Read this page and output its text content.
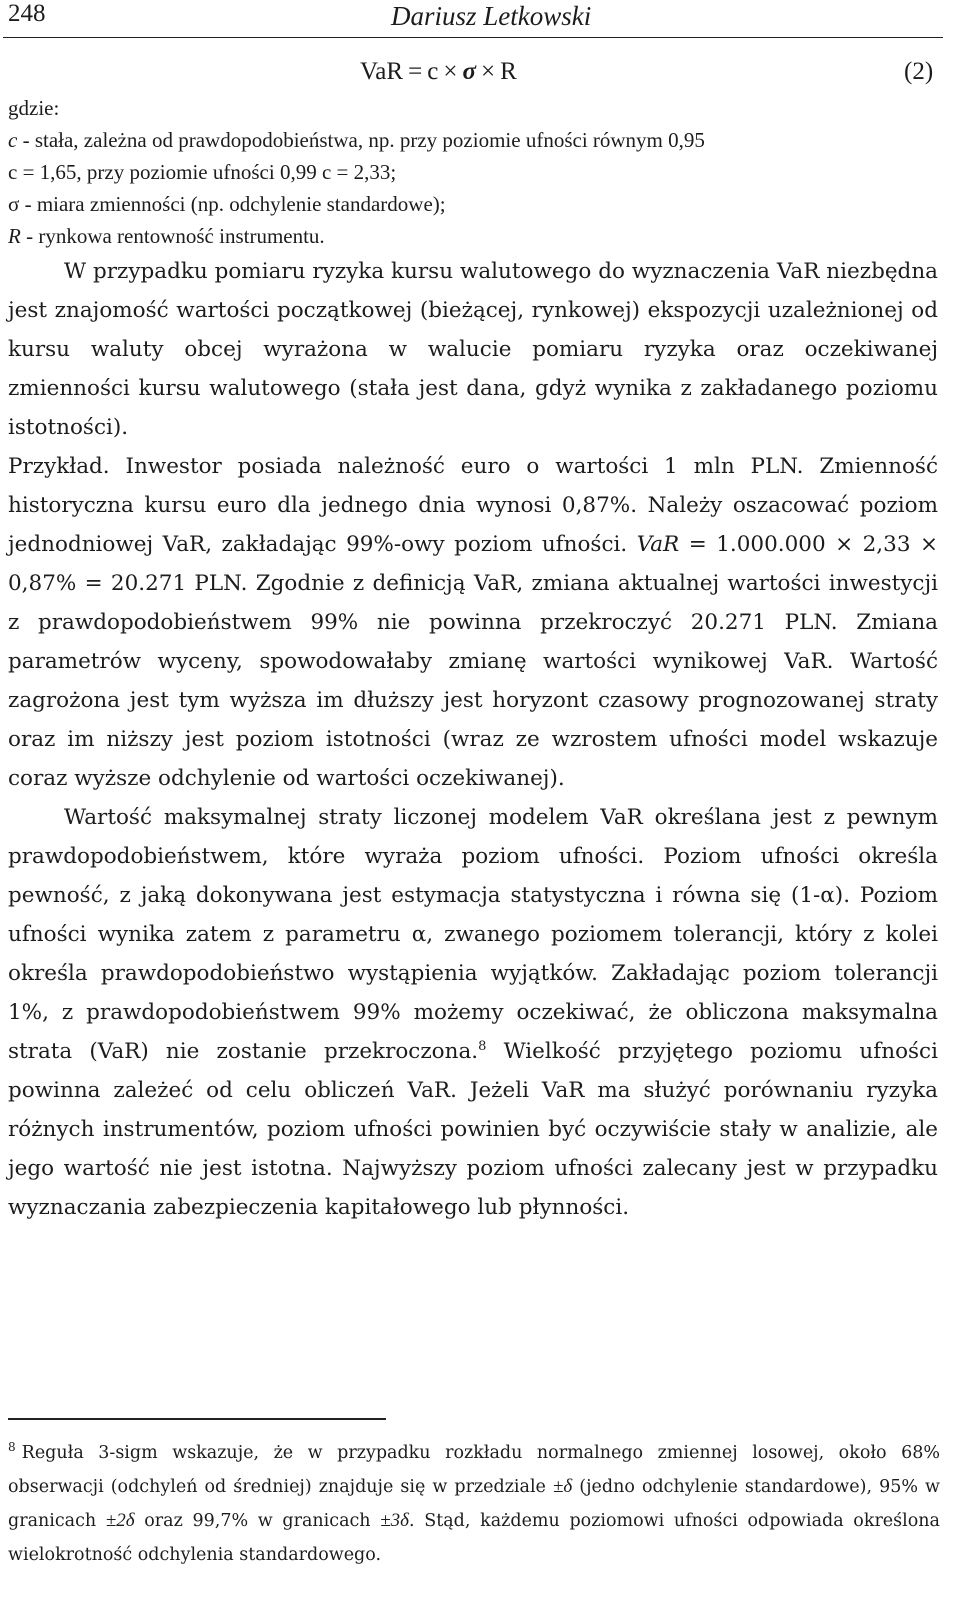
248	Dariusz Letkowski
VaR  =  c  ×  σ  ×  R	(2)

gdzie:

c - stała, zależna od prawdopodobieństwa, np. przy poziomie ufności równym 0,95

c = 1,65, przy poziomie ufności 0,99 c = 2,33;

σ - miara zmienności (np. odchylenie standardowe);

R - rynkowa rentowność instrumentu.

W przypadku pomiaru ryzyka kursu walutowego do wyznaczenia VaR niezbędna jest znajomość wartości początkowej (bieżącej, rynkowej) ekspozycji uzależnionej od kursu waluty obcej wyrażona w walucie pomiaru ryzyka oraz oczekiwanej zmienności kursu walutowego (stała jest dana, gdyż wynika z zakładanego poziomu istotności).

Przykład. Inwestor posiada należność euro o wartości 1 mln PLN. Zmienność historyczna kursu euro dla jednego dnia wynosi 0,87%. Należy oszacować poziom jednodniowej VaR, zakładając 99%-owy poziom ufności. VaR = 1.000.000 × 2,33 × 0,87% = 20.271 PLN. Zgodnie z definicją VaR, zmiana aktualnej wartości inwestycji z prawdopodobieństwem 99% nie powinna przekroczyć 20.271 PLN. Zmiana parametrów wyceny, spowodowałaby zmianę wartości wynikowej VaR. Wartość zagrożona jest tym wyższa im dłuższy jest horyzont czasowy prognozowanej straty oraz im niższy jest poziom istotności (wraz ze wzrostem ufności model wskazuje coraz wyższe odchylenie od wartości oczekiwanej).

Wartość maksymalnej straty liczonej modelem VaR określana jest z pewnym prawdopodobieństwem, które wyraża poziom ufności. Poziom ufności określa pewność, z jaką dokonywana jest estymacja statystyczna i równa się (1-α). Poziom ufności wynika zatem z parametru α, zwanego poziomem tolerancji, który z kolei określa prawdopodobieństwo wystąpienia wyjątków. Zakładając poziom tolerancji 1%, z prawdopodobieństwem 99% możemy oczekiwać, że obliczona maksymalna strata (VaR) nie zostanie przekroczona.$^8$ Wielkość przyjętego poziomu ufności powinna zależeć od celu obliczeń VaR. Jeżeli VaR ma służyć porównaniu ryzyka różnych instrumentów, poziom ufności powinien być oczywiście stały w analizie, ale jego wartość nie jest istotna. Najwyższy poziom ufności zalecany jest w przypadku wyznaczania zabezpieczenia kapitałowego lub płynności.

$^8$ Reguła 3-sigm wskazuje, że w przypadku rozkładu normalnego zmiennej losowej, około 68% obserwacji (odchyleń od średniej) znajduje się w przedziale ±δ (jedno odchylenie standardowe), 95% w granicach ±2δ oraz 99,7% w granicach ±3δ. Stąd, każdemu poziomowi ufności odpowiada określona wielokrotność odchylenia standardowego.
